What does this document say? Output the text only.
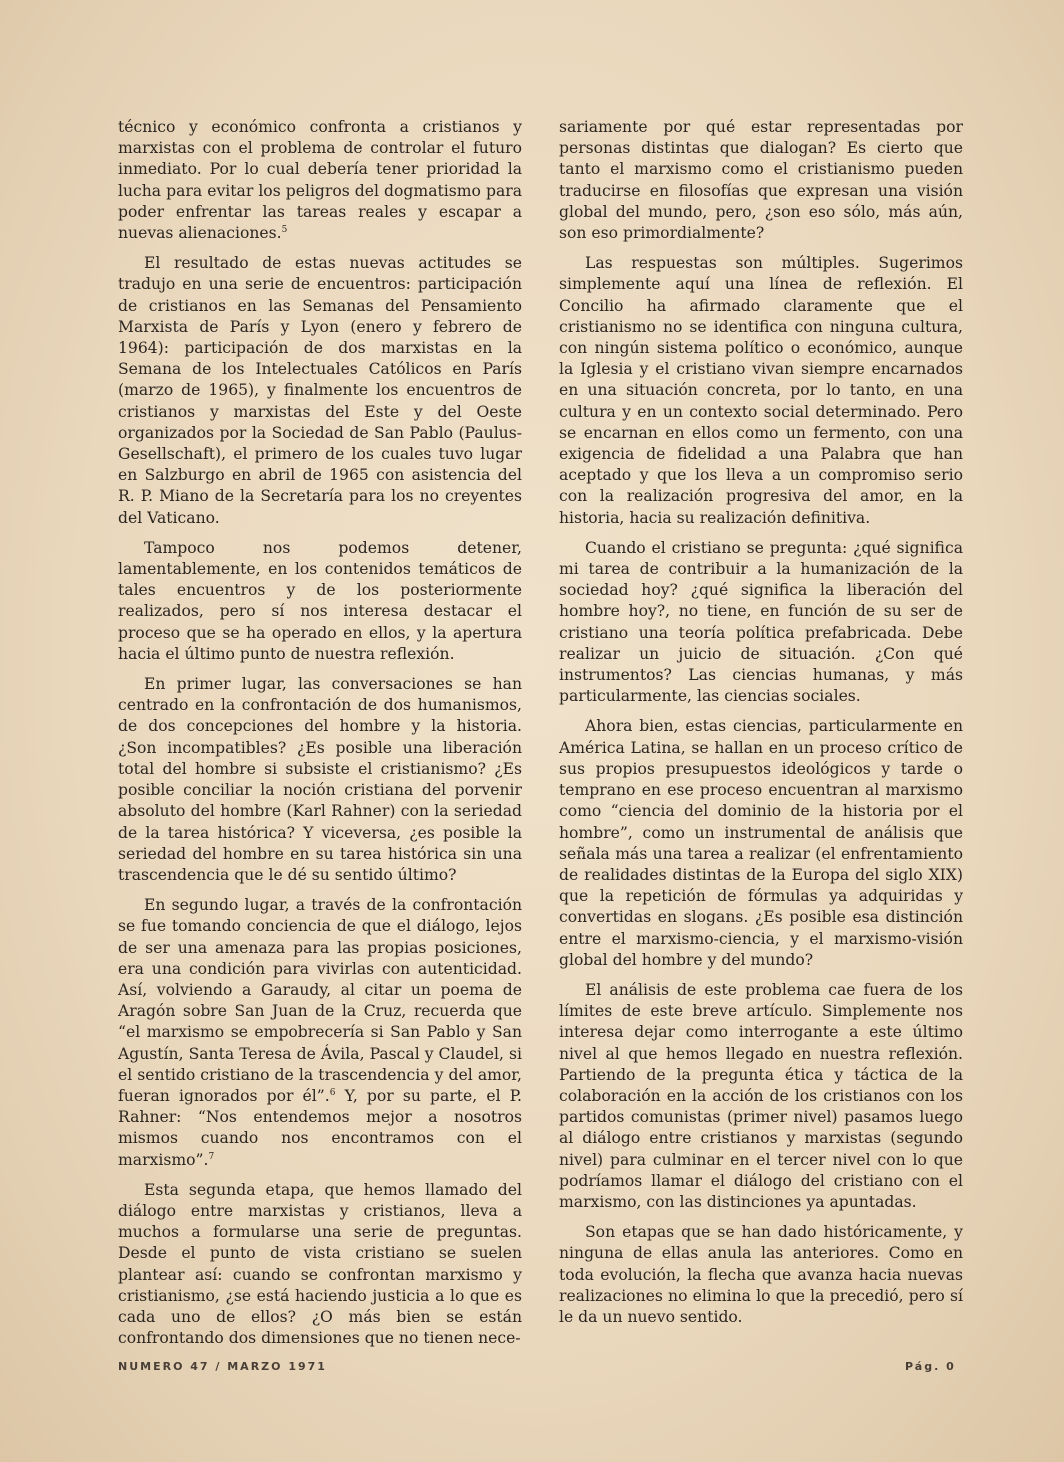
técnico y económico confronta a cristianos y marxistas con el problema de controlar el futuro inmediato. Por lo cual debería tener prioridad la lucha para evitar los peligros del dogmatismo para poder enfrentar las tareas reales y escapar a nuevas alienaciones.$^5$

El resultado de estas nuevas actitudes se tradujo en una serie de encuentros: participación de cristianos en las Semanas del Pensamiento Marxista de París y Lyon (enero y febrero de 1964): participación de dos marxistas en la Semana de los Intelectuales Católicos en París (marzo de 1965), y finalmente los encuentros de cristianos y marxistas del Este y del Oeste organizados por la Sociedad de San Pablo (Paulus-Gesellschaft), el primero de los cuales tuvo lugar en Salzburgo en abril de 1965 con asistencia del R. P. Miano de la Secretaría para los no creyentes del Vaticano.

Tampoco nos podemos detener, lamentablemente, en los contenidos temáticos de tales encuentros y de los posteriormente realizados, pero sí nos interesa destacar el proceso que se ha operado en ellos, y la apertura hacia el último punto de nuestra reflexión.

En primer lugar, las conversaciones se han centrado en la confrontación de dos humanismos, de dos concepciones del hombre y la historia. ¿Son incompatibles? ¿Es posible una liberación total del hombre si subsiste el cristianismo? ¿Es posible conciliar la noción cristiana del porvenir absoluto del hombre (Karl Rahner) con la seriedad de la tarea histórica? Y viceversa, ¿es posible la seriedad del hombre en su tarea histórica sin una trascendencia que le dé su sentido último?

En segundo lugar, a través de la confrontación se fue tomando conciencia de que el diálogo, lejos de ser una amenaza para las propias posiciones, era una condición para vivirlas con autenticidad. Así, volviendo a Garaudy, al citar un poema de Aragón sobre San Juan de la Cruz, recuerda que “el marxismo se empobrecería si San Pablo y San Agustín, Santa Teresa de Ávila, Pascal y Claudel, si el sentido cristiano de la trascendencia y del amor, fueran ignorados por él”.$^6$ Y, por su parte, el P. Rahner: “Nos entendemos mejor a nosotros mismos cuando nos encontramos con el marxismo”.$^7$

Esta segunda etapa, que hemos llamado del diálogo entre marxistas y cristianos, lleva a muchos a formularse una serie de preguntas. Desde el punto de vista cristiano se suelen plantear así: cuando se confrontan marxismo y cristianismo, ¿se está haciendo justicia a lo que es cada uno de ellos? ¿O más bien se están confrontando dos dimensiones que no tienen nece-

sariamente por qué estar representadas por personas distintas que dialogan? Es cierto que tanto el marxismo como el cristianismo pueden traducirse en filosofías que expresan una visión global del mundo, pero, ¿son eso sólo, más aún, son eso primordialmente?

Las respuestas son múltiples. Sugerimos simplemente aquí una línea de reflexión. El Concilio ha afirmado claramente que el cristianismo no se identifica con ninguna cultura, con ningún sistema político o económico, aunque la Iglesia y el cristiano vivan siempre encarnados en una situación concreta, por lo tanto, en una cultura y en un contexto social determinado. Pero se encarnan en ellos como un fermento, con una exigencia de fidelidad a una Palabra que han aceptado y que los lleva a un compromiso serio con la realización progresiva del amor, en la historia, hacia su realización definitiva.

Cuando el cristiano se pregunta: ¿qué significa mi tarea de contribuir a la humanización de la sociedad hoy? ¿qué significa la liberación del hombre hoy?, no tiene, en función de su ser de cristiano una teoría política prefabricada. Debe realizar un juicio de situación. ¿Con qué instrumentos? Las ciencias humanas, y más particularmente, las ciencias sociales.

Ahora bien, estas ciencias, particularmente en América Latina, se hallan en un proceso crítico de sus propios presupuestos ideológicos y tarde o temprano en ese proceso encuentran al marxismo como “ciencia del dominio de la historia por el hombre”, como un instrumental de análisis que señala más una tarea a realizar (el enfrentamiento de realidades distintas de la Europa del siglo XIX) que la repetición de fórmulas ya adquiridas y convertidas en slogans. ¿Es posible esa distinción entre el marxismo-ciencia, y el marxismo-visión global del hombre y del mundo?

El análisis de este problema cae fuera de los límites de este breve artículo. Simplemente nos interesa dejar como interrogante a este último nivel al que hemos llegado en nuestra reflexión. Partiendo de la pregunta ética y táctica de la colaboración en la acción de los cristianos con los partidos comunistas (primer nivel) pasamos luego al diálogo entre cristianos y marxistas (segundo nivel) para culminar en el tercer nivel con lo que podríamos llamar el diálogo del cristiano con el marxismo, con las distinciones ya apuntadas.

Son etapas que se han dado históricamente, y ninguna de ellas anula las anteriores. Como en toda evolución, la flecha que avanza hacia nuevas realizaciones no elimina lo que la precedió, pero sí le da un nuevo sentido.

NUMERO 47 / MARZO 1971	Pág. 0
